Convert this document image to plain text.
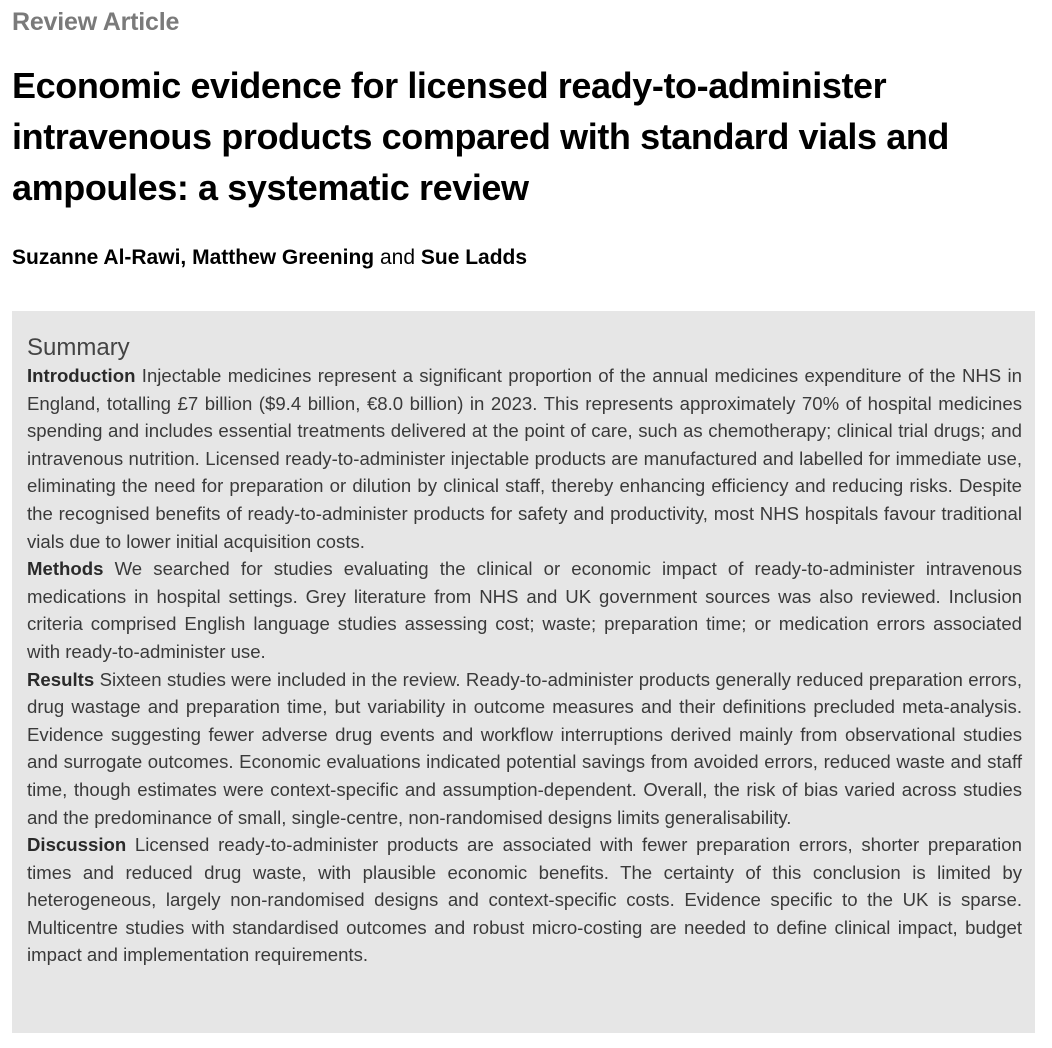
Review Article
Economic evidence for licensed ready-to-administer intravenous products compared with standard vials and ampoules: a systematic review
Suzanne Al-Rawi, Matthew Greening and Sue Ladds
Summary

Introduction Injectable medicines represent a significant proportion of the annual medicines expenditure of the NHS in England, totalling £7 billion ($9.4 billion, €8.0 billion) in 2023. This represents approximately 70% of hospital medicines spending and includes essential treatments delivered at the point of care, such as chemotherapy; clinical trial drugs; and intravenous nutrition. Licensed ready-to-administer injectable products are manufactured and labelled for immediate use, eliminating the need for preparation or dilution by clinical staff, thereby enhancing efficiency and reducing risks. Despite the recognised benefits of ready-to-administer products for safety and productivity, most NHS hospitals favour traditional vials due to lower initial acquisition costs.

Methods We searched for studies evaluating the clinical or economic impact of ready-to-administer intravenous medications in hospital settings. Grey literature from NHS and UK government sources was also reviewed. Inclusion criteria comprised English language studies assessing cost; waste; preparation time; or medication errors associated with ready-to-administer use.

Results Sixteen studies were included in the review. Ready-to-administer products generally reduced preparation errors, drug wastage and preparation time, but variability in outcome measures and their definitions precluded meta-analysis. Evidence suggesting fewer adverse drug events and workflow interruptions derived mainly from observational studies and surrogate outcomes. Economic evaluations indicated potential savings from avoided errors, reduced waste and staff time, though estimates were context-specific and assumption-dependent. Overall, the risk of bias varied across studies and the predominance of small, single-centre, non-randomised designs limits generalisability.

Discussion Licensed ready-to-administer products are associated with fewer preparation errors, shorter preparation times and reduced drug waste, with plausible economic benefits. The certainty of this conclusion is limited by heterogeneous, largely non-randomised designs and context-specific costs. Evidence specific to the UK is sparse. Multicentre studies with standardised outcomes and robust micro-costing are needed to define clinical impact, budget impact and implementation requirements.
